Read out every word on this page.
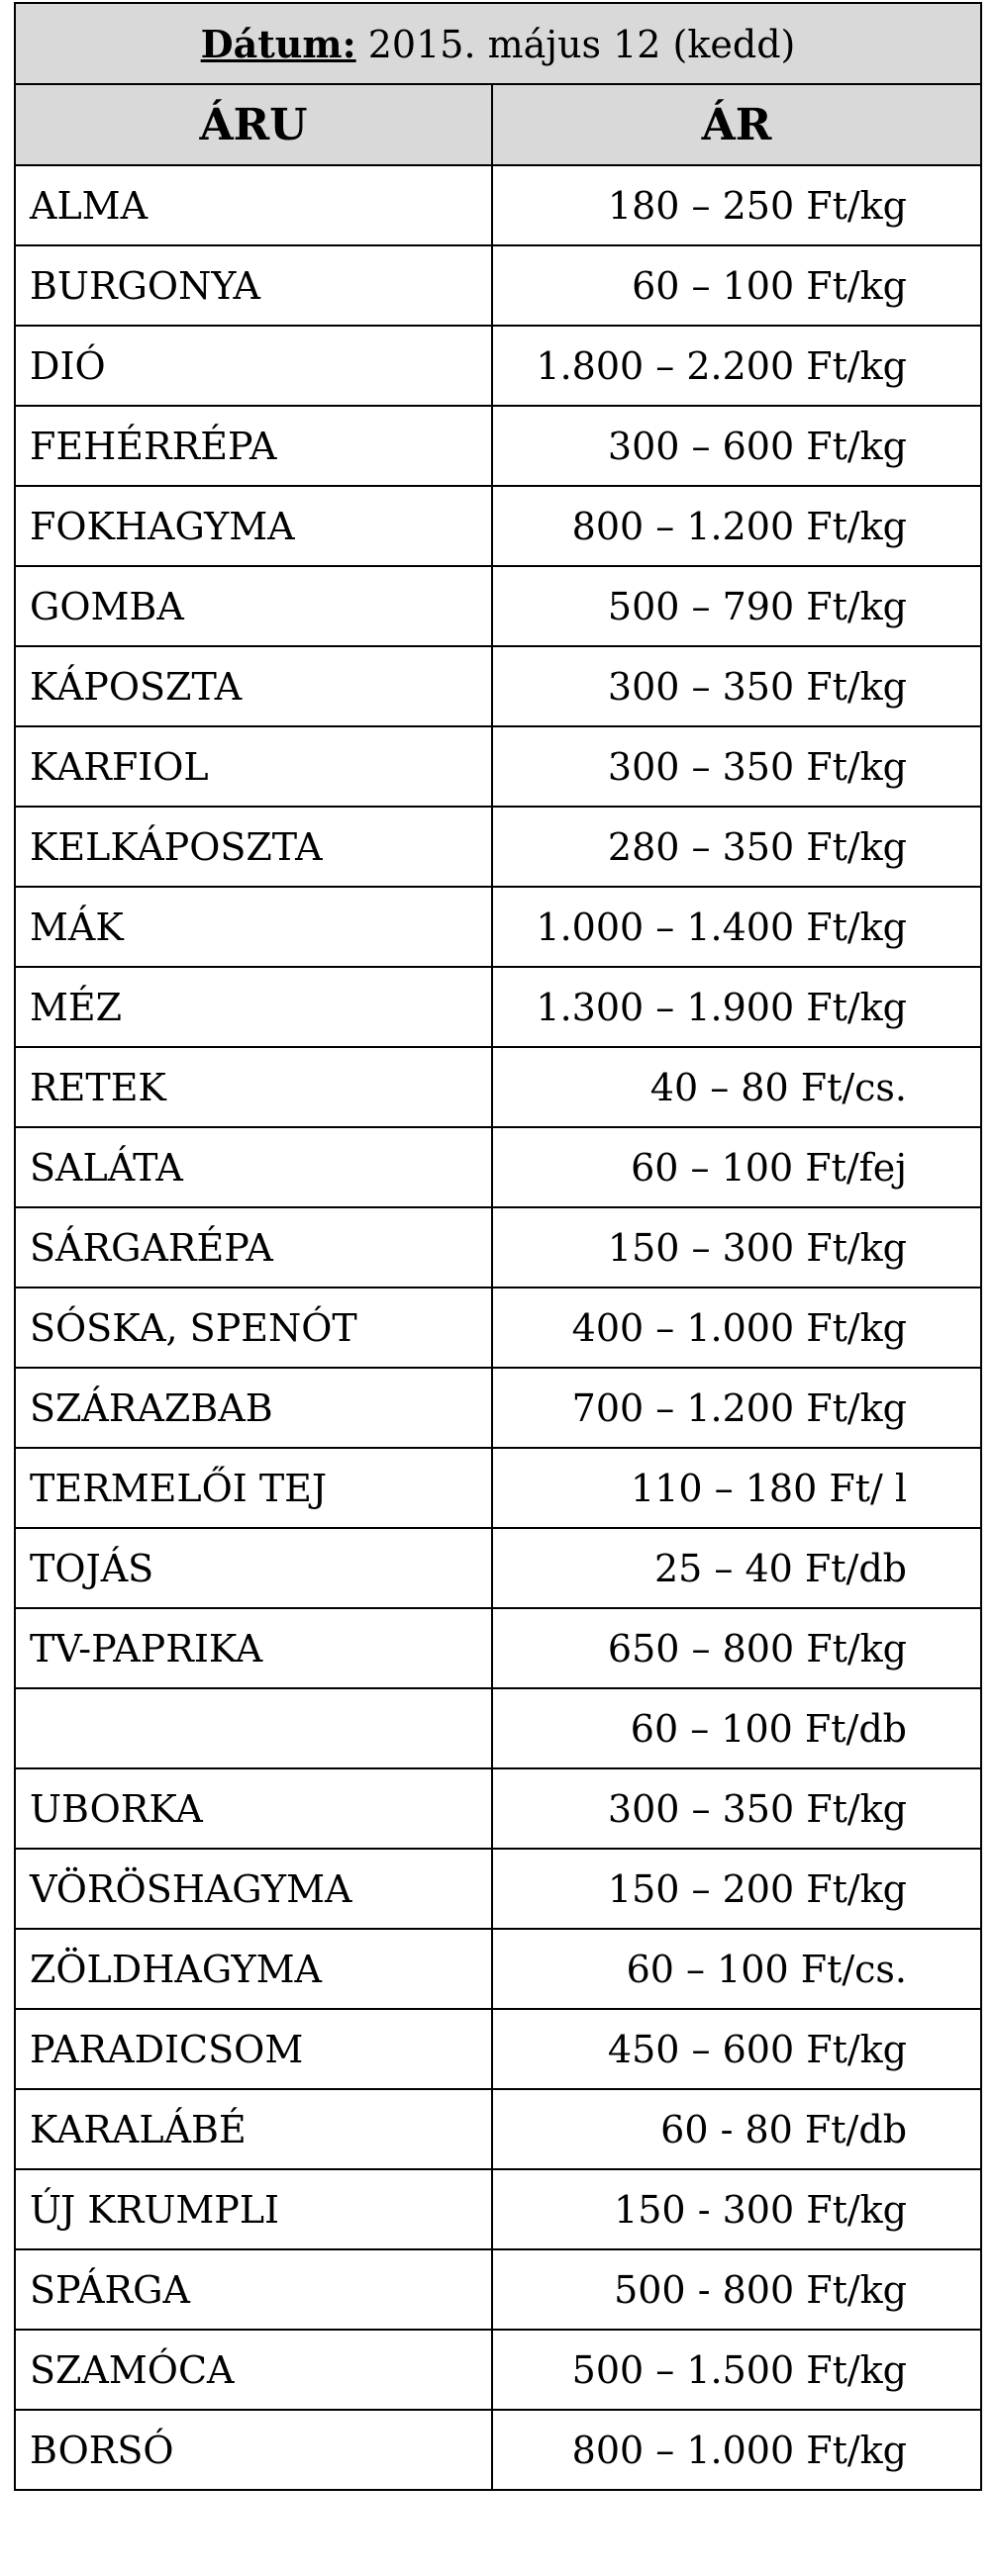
Dátum: 2015. május 12 (kedd)	
ÁRU	ÁR
ALMA	180 – 250 Ft/kg
BURGONYA	60 – 100 Ft/kg
DIÓ	1.800 – 2.200 Ft/kg
FEHÉRRÉPA	300 – 600 Ft/kg
FOKHAGYMA	800 – 1.200 Ft/kg
GOMBA	500 – 790 Ft/kg
KÁPOSZTA	300 – 350 Ft/kg
KARFIOL	300 – 350 Ft/kg
KELKÁPOSZTA	280 – 350 Ft/kg
MÁK	1.000 – 1.400 Ft/kg
MÉZ	1.300 – 1.900 Ft/kg
RETEK	40 – 80 Ft/cs.
SALÁTA	60 – 100 Ft/fej
SÁRGARÉPA	150 – 300 Ft/kg
SÓSKA, SPENÓT	400 – 1.000 Ft/kg
SZÁRAZBAB	700 – 1.200 Ft/kg
TERMELŐI TEJ	110 – 180 Ft/ l
TOJÁS	25 – 40 Ft/db
TV-PAPRIKA	650 – 800 Ft/kg
	60 – 100 Ft/db
UBORKA	300 – 350 Ft/kg
VÖRÖSHAGYMA	150 – 200 Ft/kg
ZÖLDHAGYMA	60 – 100 Ft/cs.
PARADICSOM	450 – 600 Ft/kg
KARALÁBÉ	60 - 80 Ft/db
ÚJ KRUMPLI	150 - 300 Ft/kg
SPÁRGA	500 - 800 Ft/kg
SZAMÓCA	500 – 1.500 Ft/kg
BORSÓ	800 – 1.000 Ft/kg
